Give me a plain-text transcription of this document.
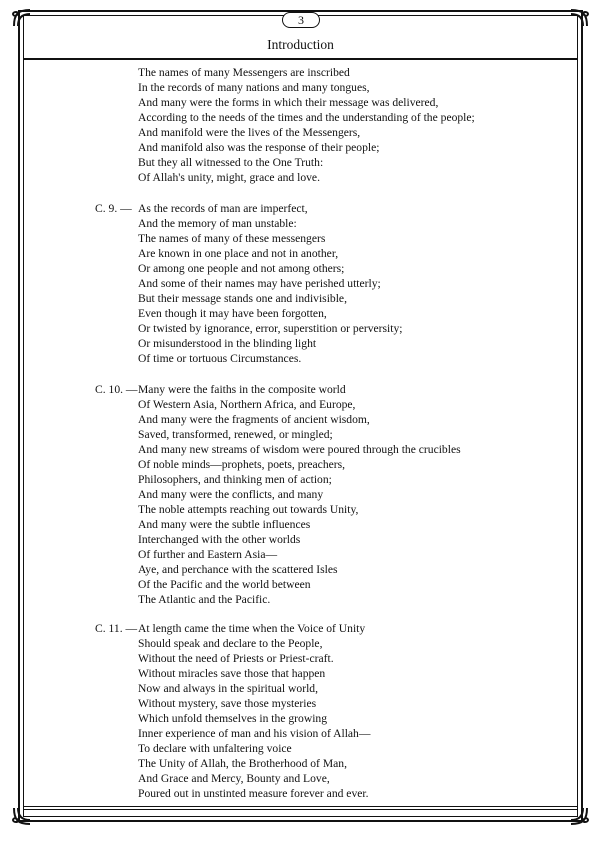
3
Introduction
The names of many Messengers are inscribed
In the records of many nations and many tongues,
And many were the forms in which their message was delivered,
According to the needs of the times and the understanding of the people;
And manifold were the lives of the Messengers,
And manifold also was the response of their people;
But they all witnessed to the One Truth:
Of Allah's unity, might, grace and love.
C. 9. — As the records of man are imperfect,
And the memory of man unstable:
The names of many of these messengers
Are known in one place and not in another,
Or among one people and not among others;
And some of their names may have perished utterly;
But their message stands one and indivisible,
Even though it may have been forgotten,
Or twisted by ignorance, error, superstition or perversity;
Or misunderstood in the blinding light
Of time or tortuous Circumstances.
C. 10. — Many were the faiths in the composite world
Of Western Asia, Northern Africa, and Europe,
And many were the fragments of ancient wisdom,
Saved, transformed, renewed, or mingled;
And many new streams of wisdom were poured through the crucibles
Of noble minds—prophets, poets, preachers,
Philosophers, and thinking men of action;
And many were the conflicts, and many
The noble attempts reaching out towards Unity,
And many were the subtle influences
Interchanged with the other worlds
Of further and Eastern Asia—
Aye, and perchance with the scattered Isles
Of the Pacific and the world between
The Atlantic and the Pacific.
C. 11. — At length came the time when the Voice of Unity
Should speak and declare to the People,
Without the need of Priests or Priest-craft.
Without miracles save those that happen
Now and always in the spiritual world,
Without mystery, save those mysteries
Which unfold themselves in the growing
Inner experience of man and his vision of Allah—
To declare with unfaltering voice
The Unity of Allah, the Brotherhood of Man,
And Grace and Mercy, Bounty and Love,
Poured out in unstinted measure forever and ever.
